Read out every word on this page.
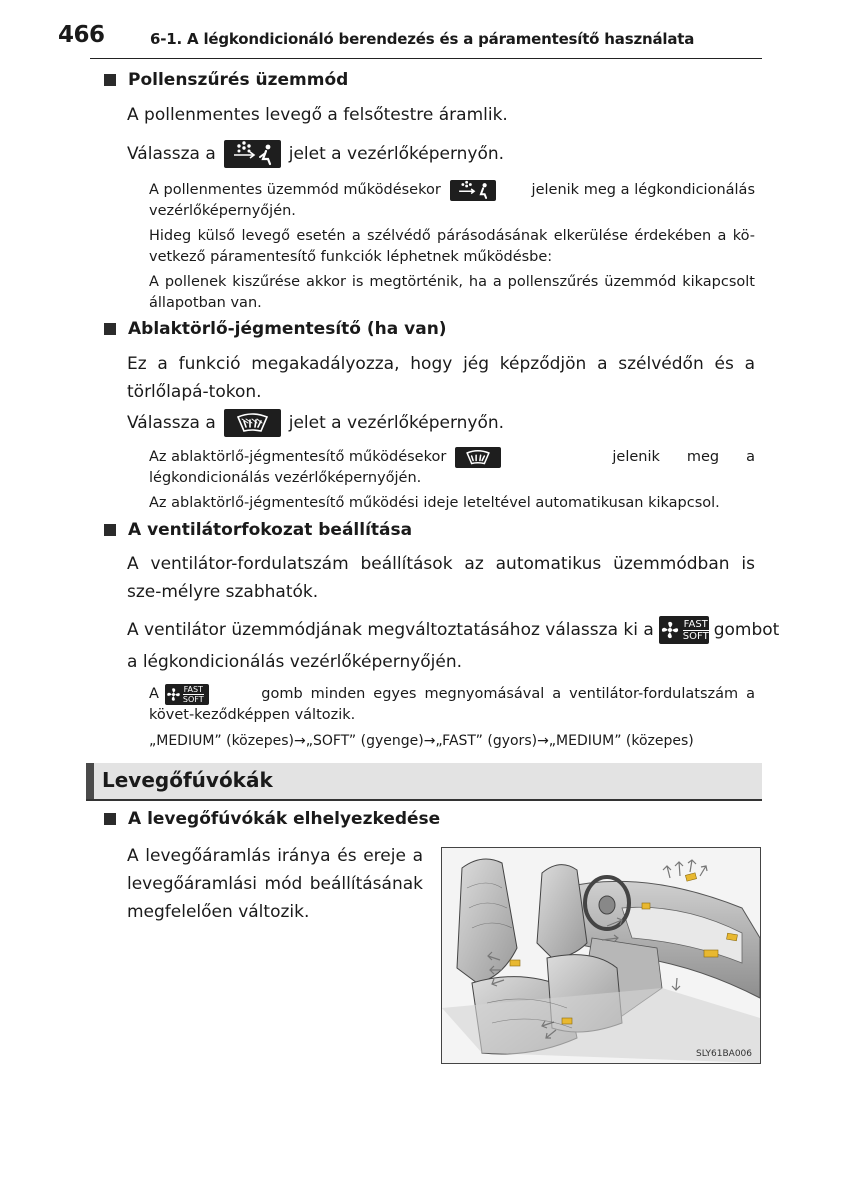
466	6-1. A légkondicionáló berendezés és a páramentesítő használata
Pollenszűrés üzemmód
A pollenmentes levegő a felsőtestre áramlik.
Válassza a	jelet a vezérlőképernyőn.
A pollenmentes üzemmód működésekor	jelenik meg a légkondicionálás vezérlőképernyőjén.
Hideg külső levegő esetén a szélvédő párásodásának elkerülése érdekében a kö-vetkező páramentesítő funkciók léphetnek működésbe:
A pollenek kiszűrése akkor is megtörténik, ha a pollenszűrés üzemmód kikapcsolt állapotban van.
Ablaktörlő-jégmentesítő (ha van)
Ez a funkció megakadályozza, hogy jég képződjön a szélvédőn és a törlőlapá-tokon.
Válassza a	jelet a vezérlőképernyőn.
Az ablaktörlő-jégmentesítő működésekor	jelenik meg a légkondicionálás vezérlőképernyőjén.
Az ablaktörlő-jégmentesítő működési ideje leteltével automatikusan kikapcsol.
A ventilátorfokozat beállítása
A ventilátor-fordulatszám beállítások az automatikus üzemmódban is sze-mélyre szabhatók.
A ventilátor üzemmódjának megváltoztatásához válassza ki a	FAST
SOFT gombot
a légkondicionálás vezérlőképernyőjén.
A	FAST
SOFT	gomb minden egyes megnyomásával a ventilátor-fordulatszám a követ-keződképpen változik.
„MEDIUM” (közepes)→„SOFT” (gyenge)→„FAST” (gyors)→„MEDIUM” (közepes)
Levegőfúvókák
A levegőfúvókák elhelyezkedése
A levegőáramlás iránya és ereje a levegőáramlási mód beállításának megfelelően változik.
SLY61BA006
